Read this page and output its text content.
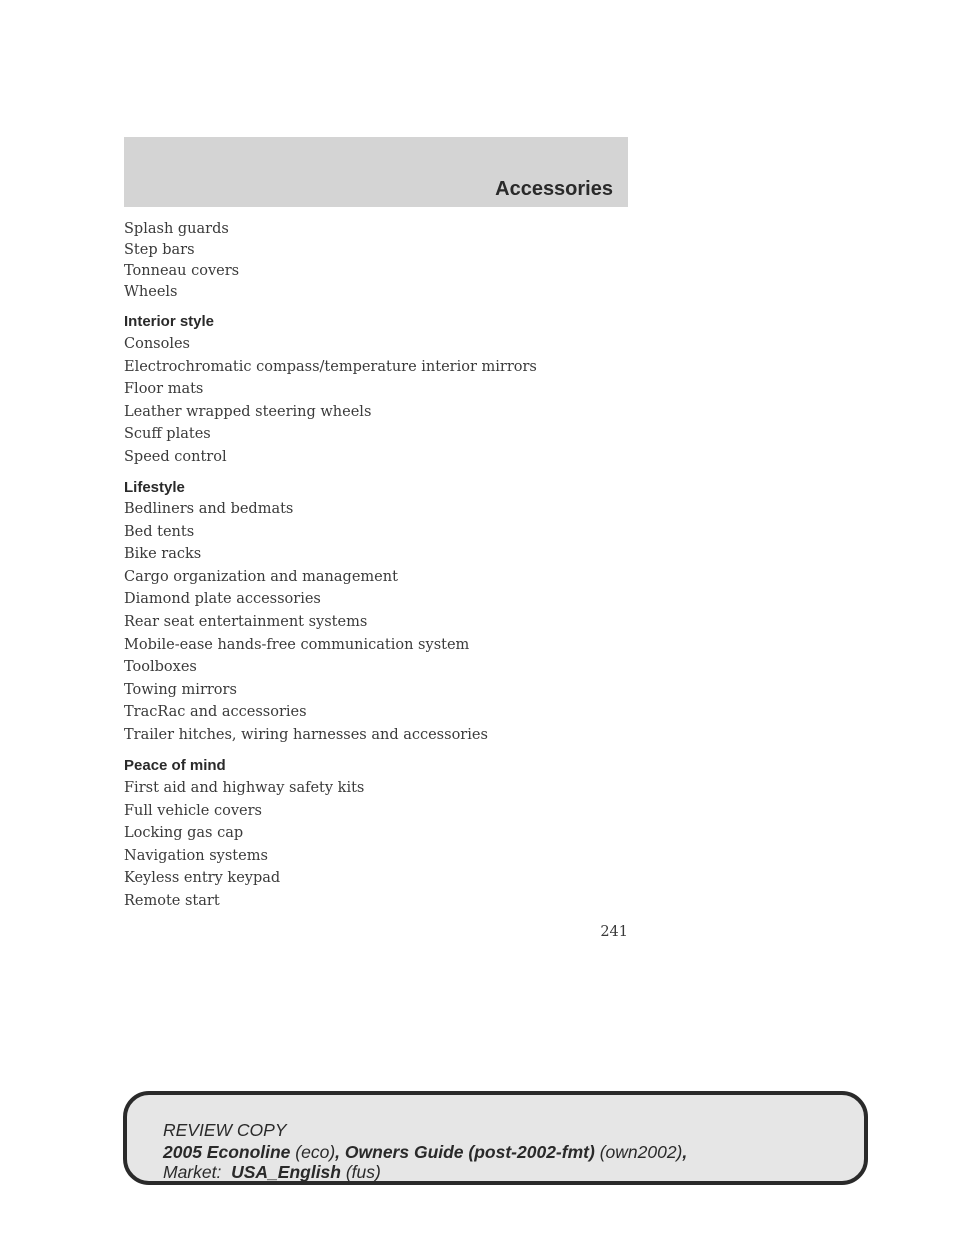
Accessories
Splash guards
Step bars
Tonneau covers
Wheels
Interior style
Consoles
Electrochromatic compass/temperature interior mirrors
Floor mats
Leather wrapped steering wheels
Scuff plates
Speed control
Lifestyle
Bedliners and bedmats
Bed tents
Bike racks
Cargo organization and management
Diamond plate accessories
Rear seat entertainment systems
Mobile-ease hands-free communication system
Toolboxes
Towing mirrors
TracRac and accessories
Trailer hitches, wiring harnesses and accessories
Peace of mind
First aid and highway safety kits
Full vehicle covers
Locking gas cap
Navigation systems
Keyless entry keypad
Remote start
241
REVIEW COPY
2005 Econoline (eco), Owners Guide (post-2002-fmt) (own2002),
Market: USA_English (fus)
